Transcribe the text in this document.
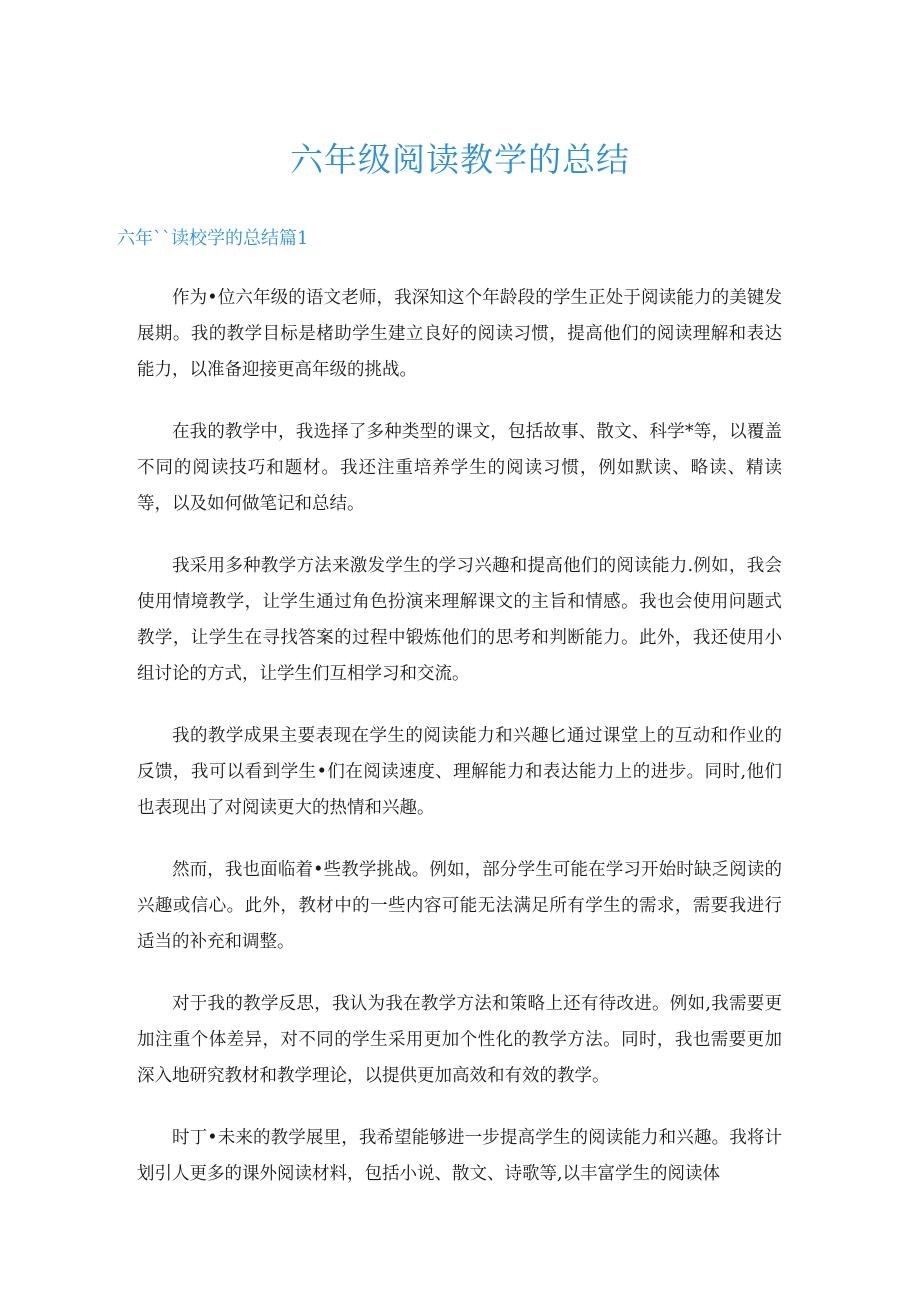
六年级阅读教学的总结
六年``读校学的总结篇1

作为•位六年级的语文老师，我深知这个年龄段的学生正处于阅读能力的美键发展期。我的教学目标是楮助学生建立良好的阅读习惯，提高他们的阅读理解和表达能力，以准备迎接更高年级的挑战。

在我的教学中，我选择了多种类型的课文，包括故事、散文、科学*等，以覆盖不同的阅读技巧和题材。我还注重培养学生的阅读习惯，例如默读、略读、精读等，以及如何做笔记和总结。

我采用多种教学方法来激发学生的学习兴趣和提高他们的阅读能力.例如，我会使用情境教学，让学生通过角色扮演来理解课文的主旨和情感。我也会使用问题式教学，让学生在寻找答案的过程中锻炼他们的思考和判断能力。此外，我还使用小组讨论的方式，让学生们互相学习和交流。

我的教学成果主要表现在学生的阅读能力和兴趣匕通过课堂上的互动和作业的反馈，我可以看到学生•们在阅读速度、理解能力和表达能力上的进步。同时,他们也表现出了对阅读更大的热情和兴趣。

然而，我也面临着•些教学挑战。例如，部分学生可能在学习开始时缺乏阅读的兴趣或信心。此外，教材中的一些内容可能无法满足所有学生的需求，需要我进行适当的补充和调整。

对于我的教学反思，我认为我在教学方法和策略上还有待改进。例如,我需要更加注重个体差异，对不同的学生采用更加个性化的教学方法。同时，我也需要更加深入地研究教材和教学理论，以提供更加高效和有效的教学。

时丁•未来的教学展里，我希望能够进一步提高学生的阅读能力和兴趣。我将计划引人更多的课外阅读材料，包括小说、散文、诗歌等,以丰富学生的阅读体
